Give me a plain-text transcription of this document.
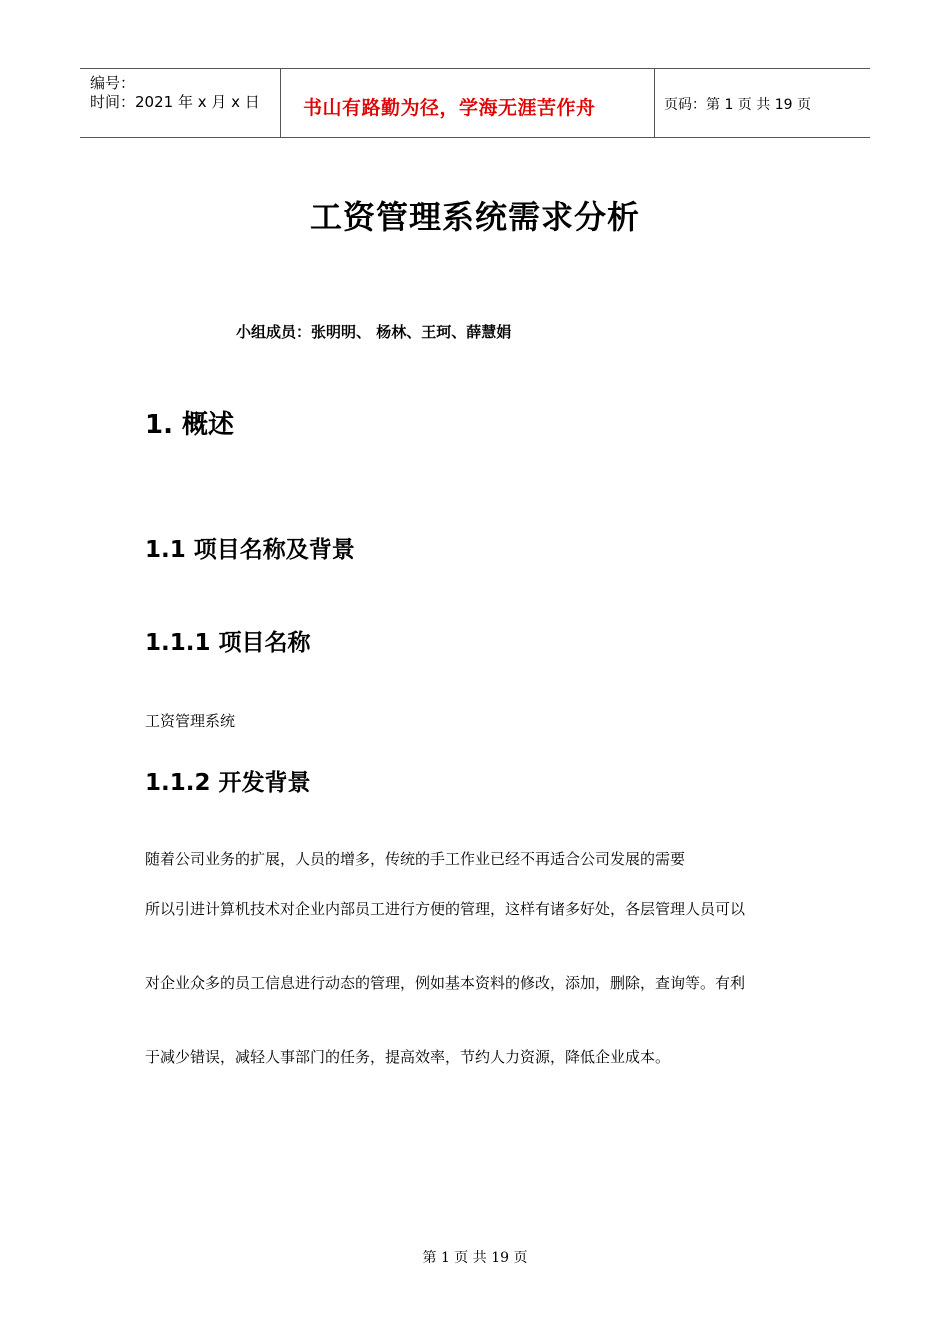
编号：
时间：2021 年 x 月 x 日 书山有路勤为径，学海无涯苦作舟	页码：第 1 页 共 19 页
工资管理系统需求分析
小组成员：张明明、 杨林、王珂、薛慧娟
1. 概述
1.1 项目名称及背景
1.1.1 项目名称
工资管理系统
1.1.2 开发背景
随着公司业务的扩展，人员的增多，传统的手工作业已经不再适合公司发展的需要
所以引进计算机技术对企业内部员工进行方便的管理，这样有诸多好处，各层管理人员可以
对企业众多的员工信息进行动态的管理，例如基本资料的修改，添加，删除，查询等。有利
于减少错误，减轻人事部门的任务，提高效率，节约人力资源，降低企业成本。
第 1 页 共 19 页
